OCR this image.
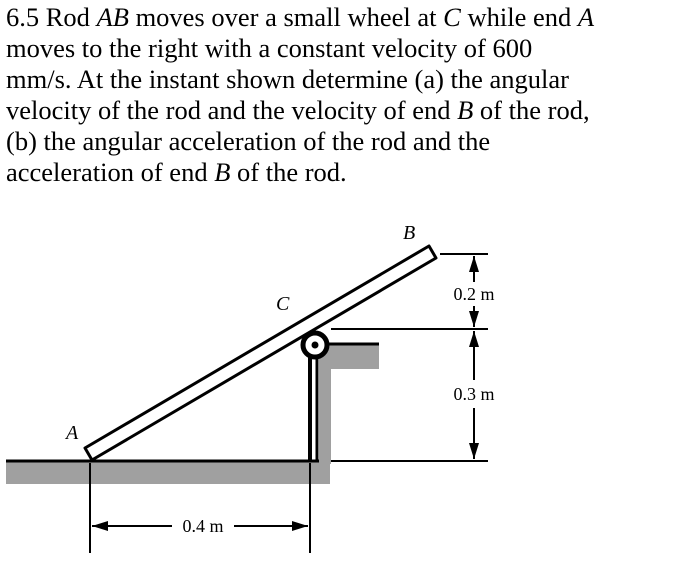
6.5 Rod AB moves over a small wheel at C while end A
moves to the right with a constant velocity of 600
mm/s. At the instant shown determine (a) the angular
velocity of the rod and the velocity of end B of the rod,
(b) the angular acceleration of the rod and the
acceleration of end B of the rod.
0.4 m
0.2 m
0.3 m
A
B
C
